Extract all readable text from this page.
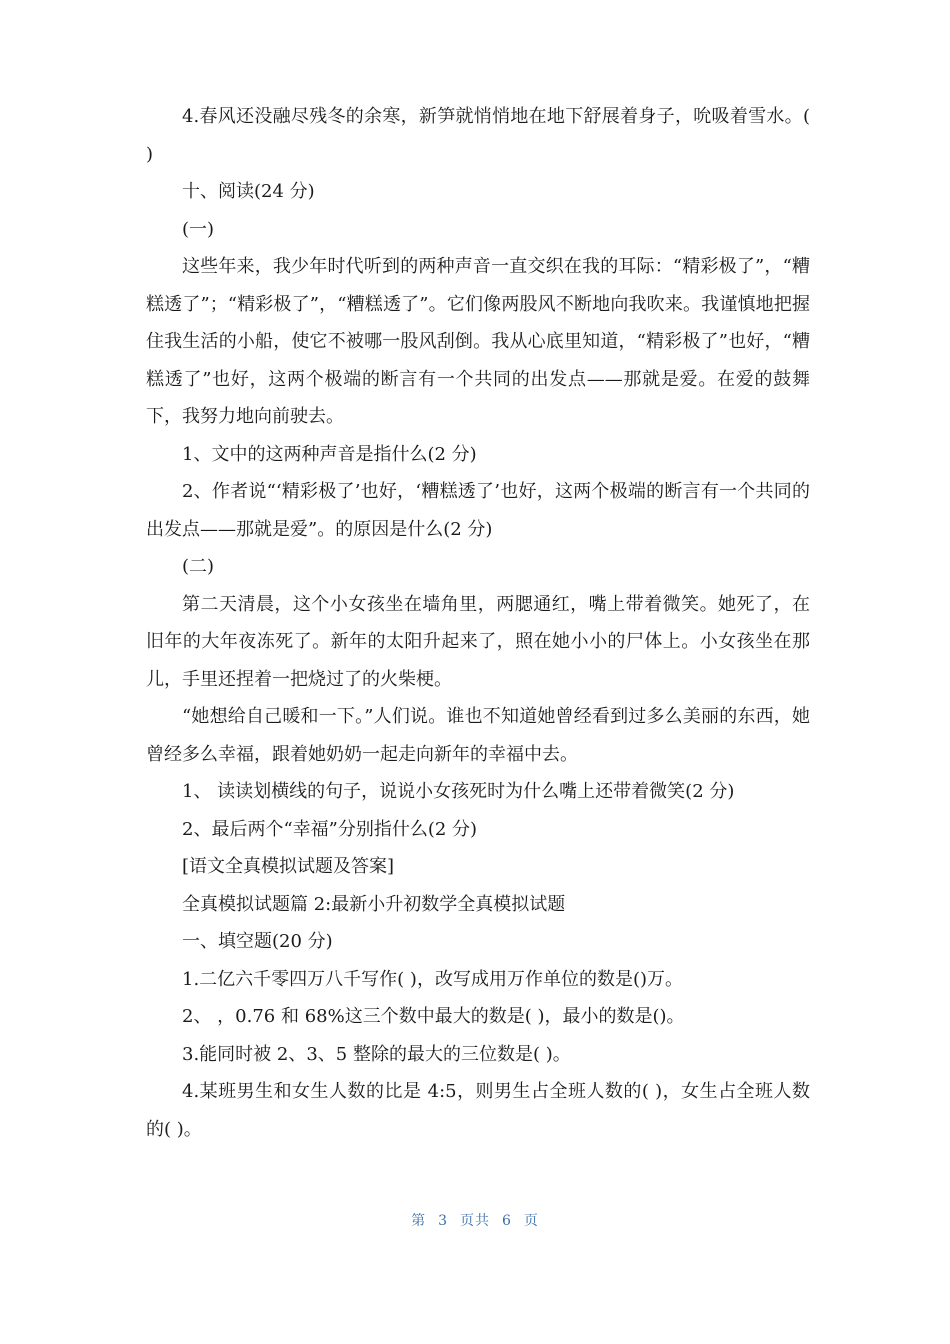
4.春风还没融尽残冬的余寒，新笋就悄悄地在地下舒展着身子，吮吸着雪水。( )

十、阅读(24 分)

(一)

这些年来，我少年时代听到的两种声音一直交织在我的耳际：“精彩极了”，“糟糕透了”；“精彩极了”，“糟糕透了”。它们像两股风不断地向我吹来。我谨慎地把握住我生活的小船，使它不被哪一股风刮倒。我从心底里知道，“精彩极了”也好，“糟糕透了”也好，这两个极端的断言有一个共同的出发点——那就是爱。在爱的鼓舞下，我努力地向前驶去。

1、文中的这两种声音是指什么(2 分)

2、作者说“‘精彩极了’也好，‘糟糕透了’也好，这两个极端的断言有一个共同的出发点——那就是爱”。的原因是什么(2 分)

(二)

第二天清晨，这个小女孩坐在墙角里，两腮通红，嘴上带着微笑。她死了，在旧年的大年夜冻死了。新年的太阳升起来了，照在她小小的尸体上。小女孩坐在那儿，手里还捏着一把烧过了的火柴梗。

“她想给自己暖和一下。”人们说。谁也不知道她曾经看到过多么美丽的东西，她曾经多么幸福，跟着她奶奶一起走向新年的幸福中去。

1、 读读划横线的句子，说说小女孩死时为什么嘴上还带着微笑(2 分)

2、最后两个“幸福”分别指什么(2 分)

[语文全真模拟试题及答案]

全真模拟试题篇 2:最新小升初数学全真模拟试题

一、填空题(20 分)

1.二亿六千零四万八千写作( )，改写成用万作单位的数是()万。

2、 ，0.76 和 68%这三个数中最大的数是( )，最小的数是()。

3.能同时被 2、3、5 整除的最大的三位数是( )。

4.某班男生和女生人数的比是 4:5，则男生占全班人数的( )，女生占全班人数的( )。

第 3 页共 6 页
